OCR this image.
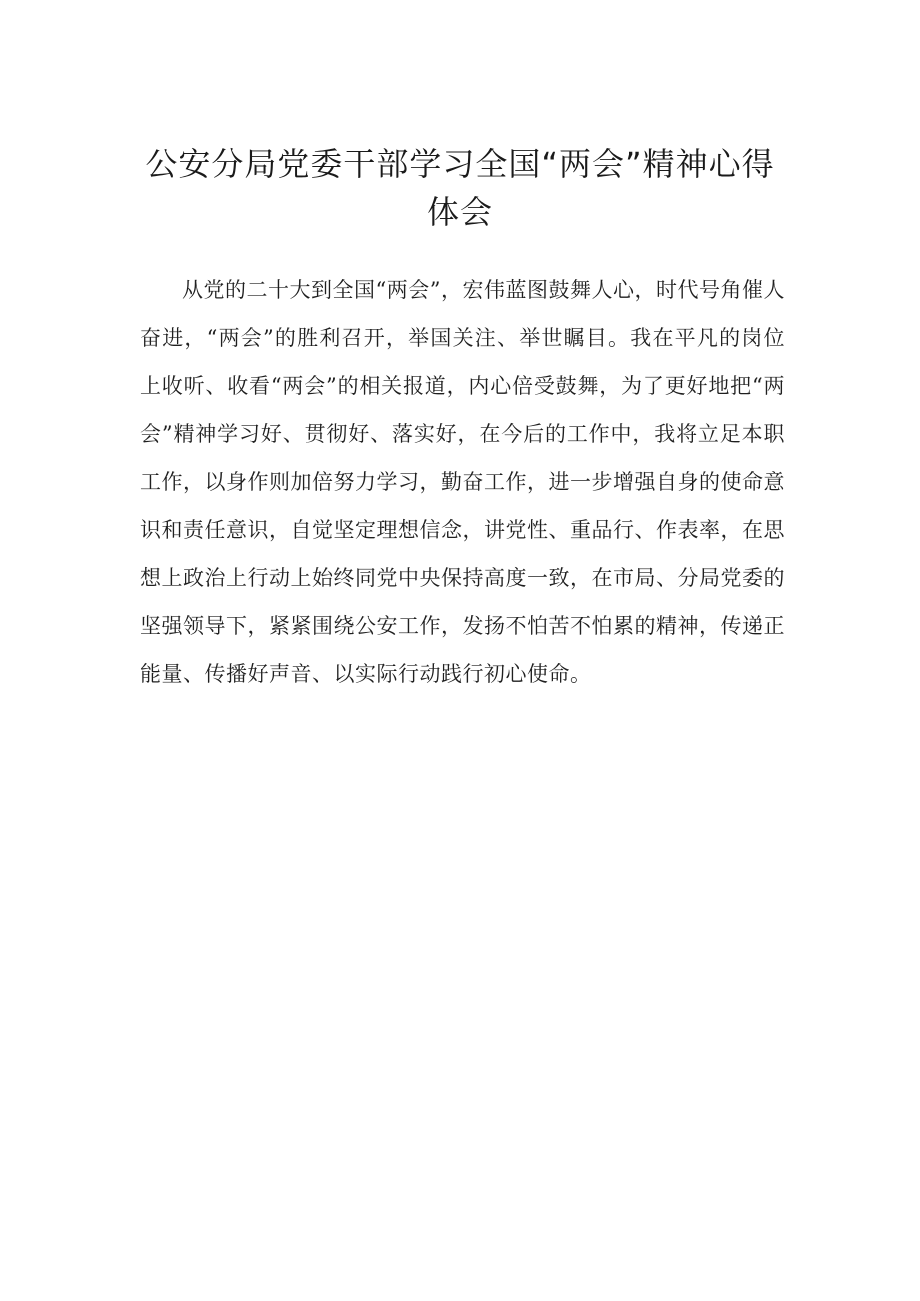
公安分局党委干部学习全国“两会”精神心得体会

从党的二十大到全国“两会”，宏伟蓝图鼓舞人心，时代号角催人奋进，“两会”的胜利召开，举国关注、举世瞩目。我在平凡的岗位上收听、收看“两会”的相关报道，内心倍受鼓舞，为了更好地把“两会”精神学习好、贯彻好、落实好，在今后的工作中，我将立足本职工作，以身作则加倍努力学习，勤奋工作，进一步增强自身的使命意识和责任意识，自觉坚定理想信念，讲党性、重品行、作表率，在思想上政治上行动上始终同党中央保持高度一致，在市局、分局党委的坚强领导下，紧紧围绕公安工作，发扬不怕苦不怕累的精神，传递正能量、传播好声音、以实际行动践行初心使命。
